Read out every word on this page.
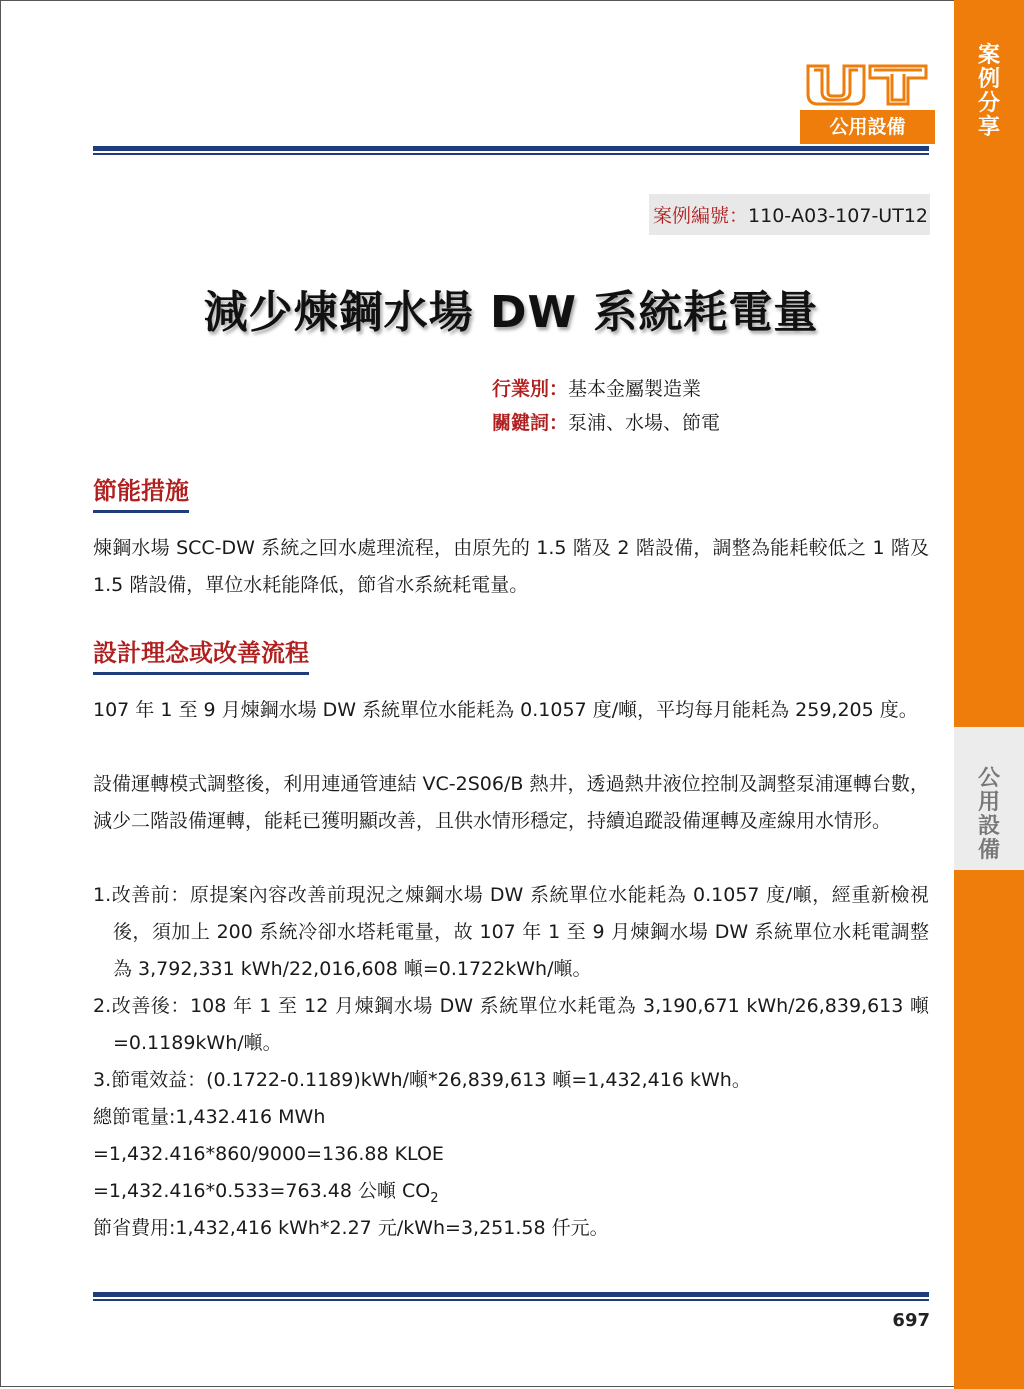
案
例
分
享
公
用
設
備
公用設備
案例編號：110-A03-107-UT12
減少煉鋼水場 DW 系統耗電量
行業別：基本金屬製造業
關鍵詞：泵浦、水場、節電
節能措施
煉鋼水場 SCC-DW 系統之回水處理流程，由原先的 1.5 階及 2 階設備，調整為能耗較低之 1 階及 1.5 階設備，單位水耗能降低，節省水系統耗電量。
設計理念或改善流程
107 年 1 至 9 月煉鋼水場 DW 系統單位水能耗為 0.1057 度/噸，平均每月能耗為 259,205 度。
設備運轉模式調整後，利用連通管連結 VC-2S06/B 熱井，透過熱井液位控制及調整泵浦運轉台數，減少二階設備運轉，能耗已獲明顯改善，且供水情形穩定，持續追蹤設備運轉及產線用水情形。
1.改善前：原提案內容改善前現況之煉鋼水場 DW 系統單位水能耗為 0.1057 度/噸，經重新檢視後，須加上 200 系統冷卻水塔耗電量，故 107 年 1 至 9 月煉鋼水場 DW 系統單位水耗電調整為 3,792,331 kWh/22,016,608 噸=0.1722kWh/噸。
2.改善後：108 年 1 至 12 月煉鋼水場 DW 系統單位水耗電為 3,190,671 kWh/26,839,613 噸=0.1189kWh/噸。
3.節電效益：(0.1722-0.1189)kWh/噸*26,839,613 噸=1,432,416 kWh。
總節電量:1,432.416 MWh
=1,432.416*860/9000=136.88 KLOE
=1,432.416*0.533=763.48 公噸 $CO_2$
節省費用:1,432,416 kWh*2.27 元/kWh=3,251.58 仟元。
697
